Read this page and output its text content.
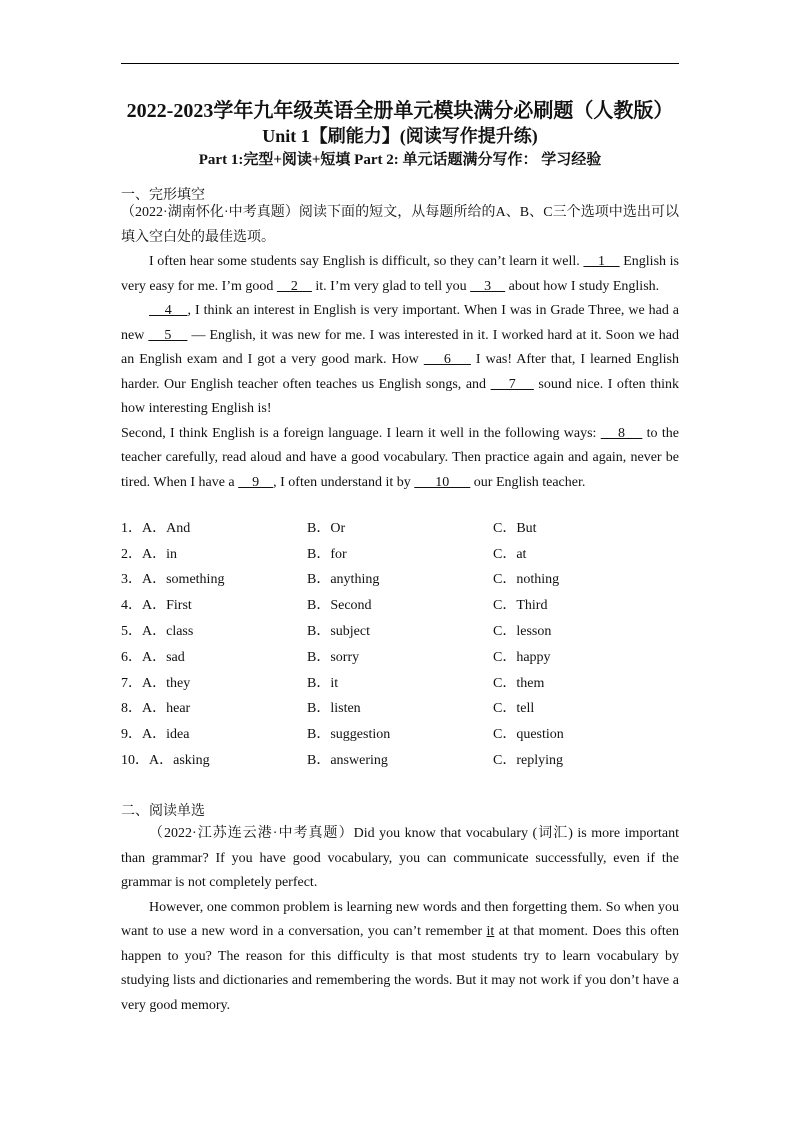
2022-2023学年九年级英语全册单元模块满分必刷题（人教版）
Unit 1【刷能力】(阅读写作提升练)
Part 1:完型+阅读+短填 Part 2: 单元话题满分写作： 学习经验
一、完形填空

（2022·湖南怀化·中考真题）阅读下面的短文，从每题所给的A、B、C三个选项中选出可以填入空白处的最佳选项。

I often hear some students say English is difficult, so they can’t learn it well.     1     English is very easy for me. I’m good     2     it. I’m very glad to tell you     3     about how I study English.

4    , I think an interest in English is very important. When I was in Grade Three, we had a new     5     — English, it was new for me. I was interested in it. I worked hard at it. Soon we had an English exam and I got a very good mark. How     6     I was! After that, I learned English harder. Our English teacher often teaches us English songs, and     7     sound nice. I often think how interesting English is!

Second, I think English is a foreign language. I learn it well in the following ways:     8     to the teacher carefully, read aloud and have a good vocabulary. Then practice again and again, never be tired. When I have a     9    , I often understand it by       10       our English teacher.

1．A．And	B．Or	C．But
2．A．in	B．for	C．at
3．A．something	B．anything	C．nothing
4．A．First	B．Second	C．Third
5．A．class	B．subject	C．lesson
6．A．sad	B．sorry	C．happy
7．A．they	B．it	C．them
8．A．hear	B．listen	C．tell
9．A．idea	B．suggestion	C．question
10．A．asking	B．answering	C．replying
二、阅读单选

（2022·江苏连云港·中考真题）Did you know that vocabulary (词汇) is more important than grammar? If you have good vocabulary, you can communicate successfully, even if the grammar is not completely perfect.

However, one common problem is learning new words and then forgetting them. So when you want to use a new word in a conversation, you can’t remember it at that moment. Does this often happen to you? The reason for this difficulty is that most students try to learn vocabulary by studying lists and dictionaries and remembering the words. But it may not work if you don’t have a very good memory.
